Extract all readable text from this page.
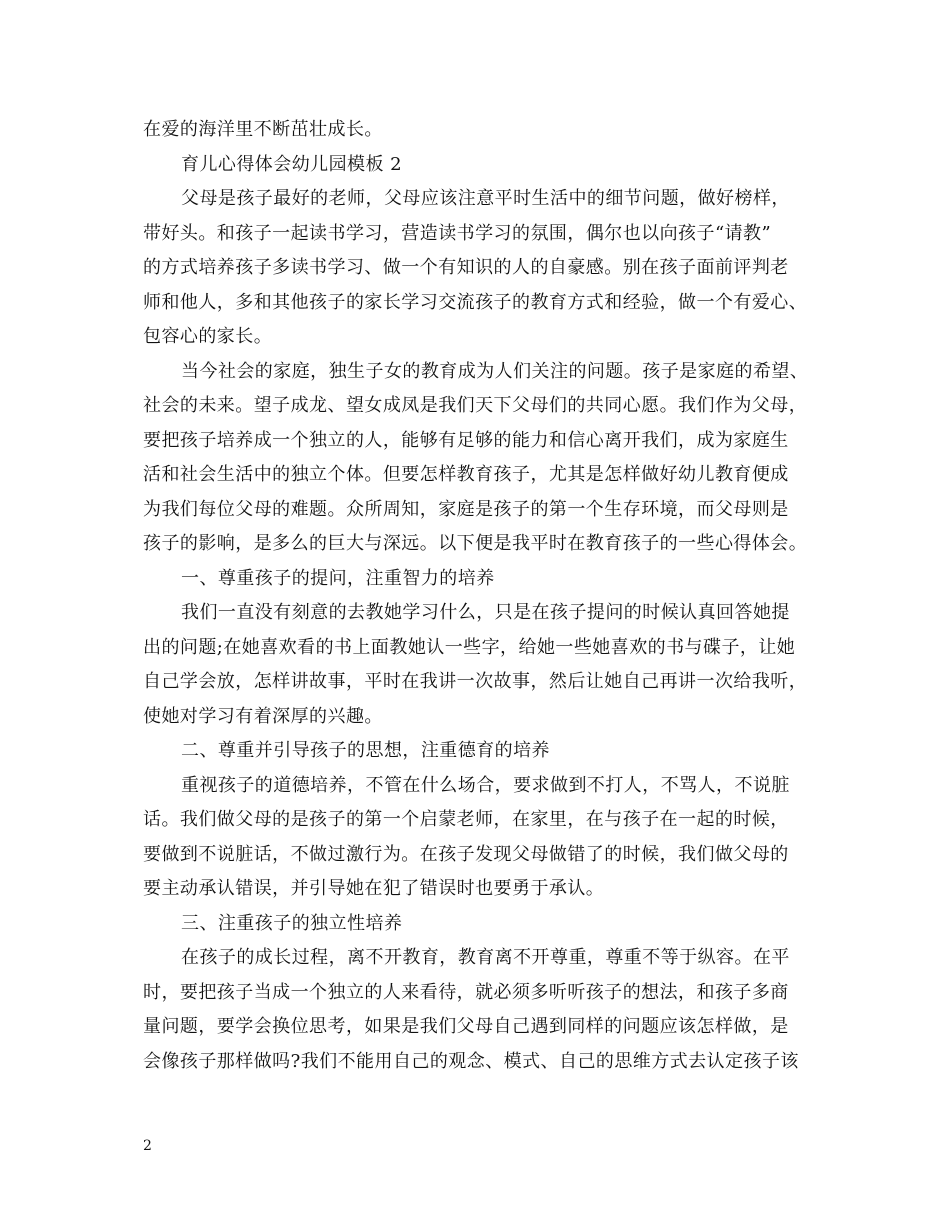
在爱的海洋里不断茁壮成长。
育儿心得体会幼儿园模板 2
父母是孩子最好的老师，父母应该注意平时生活中的细节问题，做好榜样，
带好头。和孩子一起读书学习，营造读书学习的氛围，偶尔也以向孩子“请教”
的方式培养孩子多读书学习、做一个有知识的人的自豪感。别在孩子面前评判老
师和他人，多和其他孩子的家长学习交流孩子的教育方式和经验，做一个有爱心、
包容心的家长。
当今社会的家庭，独生子女的教育成为人们关注的问题。孩子是家庭的希望、
社会的未来。望子成龙、望女成凤是我们天下父母们的共同心愿。我们作为父母，
要把孩子培养成一个独立的人，能够有足够的能力和信心离开我们，成为家庭生
活和社会生活中的独立个体。但要怎样教育孩子，尤其是怎样做好幼儿教育便成
为我们每位父母的难题。众所周知，家庭是孩子的第一个生存环境，而父母则是
孩子的影响，是多么的巨大与深远。以下便是我平时在教育孩子的一些心得体会。
一、尊重孩子的提问，注重智力的培养
我们一直没有刻意的去教她学习什么，只是在孩子提问的时候认真回答她提
出的问题;在她喜欢看的书上面教她认一些字，给她一些她喜欢的书与碟子，让她
自己学会放，怎样讲故事，平时在我讲一次故事，然后让她自己再讲一次给我听，
使她对学习有着深厚的兴趣。
二、尊重并引导孩子的思想，注重德育的培养
重视孩子的道德培养，不管在什么场合，要求做到不打人，不骂人，不说脏
话。我们做父母的是孩子的第一个启蒙老师，在家里，在与孩子在一起的时候，
要做到不说脏话，不做过激行为。在孩子发现父母做错了的时候，我们做父母的
要主动承认错误，并引导她在犯了错误时也要勇于承认。
三、注重孩子的独立性培养
在孩子的成长过程，离不开教育，教育离不开尊重，尊重不等于纵容。在平
时，要把孩子当成一个独立的人来看待，就必须多听听孩子的想法，和孩子多商
量问题，要学会换位思考，如果是我们父母自己遇到同样的问题应该怎样做，是
会像孩子那样做吗?我们不能用自己的观念、模式、自己的思维方式去认定孩子该
2
